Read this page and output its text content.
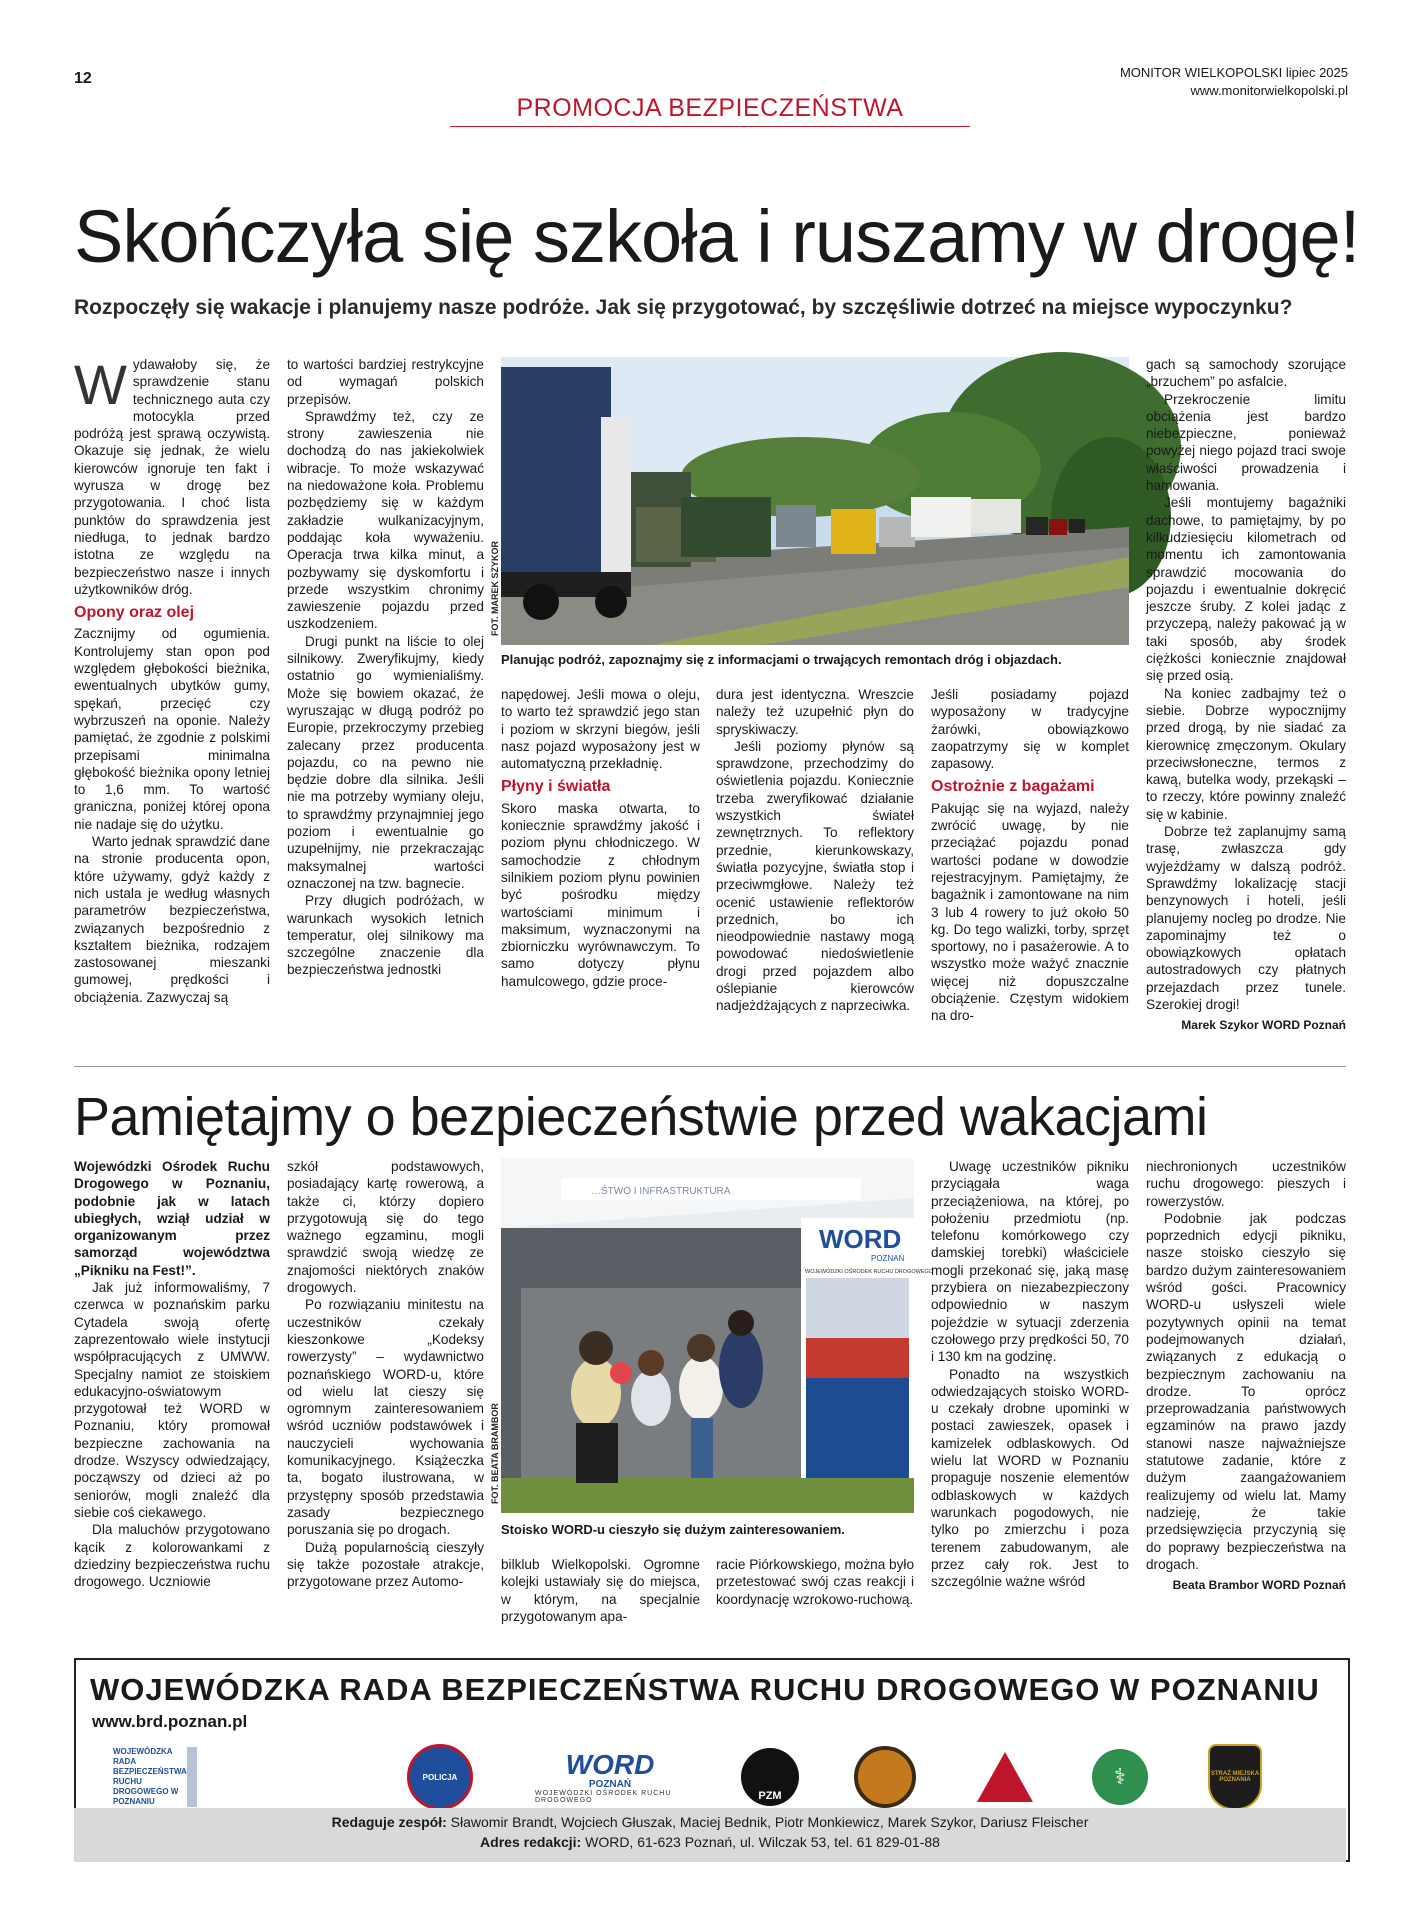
12	MONITOR WIELKOPOLSKI lipiec 2025
www.monitorwielkopolski.pl
PROMOCJA BEZPIECZEŃSTWA
Skończyła się szkoła i ruszamy w drogę!
Rozpoczęły się wakacje i planujemy nasze podróże. Jak się przygotować, by szczęśliwie dotrzeć na miejsce wypoczynku?

Wydawałoby się, że sprawdzenie stanu technicznego auta czy motocykla przed podróżą jest sprawą oczywistą. Okazuje się jednak, że wielu kierowców ignoruje ten fakt i wyrusza w drogę bez przygotowania. I choć lista punktów do sprawdzenia jest niedługa, to jednak bardzo istotna ze względu na bezpieczeństwo nasze i innych użytkowników dróg.

Opony oraz olej

Zacznijmy od ogumienia. Kontrolujemy stan opon pod względem głębokości bieżnika, ewentualnych ubytków gumy, spękań, przecięć czy wybrzuszeń na oponie. Należy pamiętać, że zgodnie z polskimi przepisami minimalna głębokość bieżnika opony letniej to 1,6 mm. To wartość graniczna, poniżej której opona nie nadaje się do użytku.

Warto jednak sprawdzić dane na stronie producenta opon, które używamy, gdyż każdy z nich ustala je według własnych parametrów bezpieczeństwa, związanych bezpośrednio z kształtem bieżnika, rodzajem zastosowanej mieszanki gumowej, prędkości i obciążenia. Zazwyczaj są

to wartości bardziej restrykcyjne od wymagań polskich przepisów.

Sprawdźmy też, czy ze strony zawieszenia nie dochodzą do nas jakiekolwiek wibracje. To może wskazywać na niedoważone koła. Problemu pozbędziemy się w każdym zakładzie wulkanizacyjnym, poddając koła wyważeniu. Operacja trwa kilka minut, a pozbywamy się dyskomfortu i przede wszystkim chronimy zawieszenie pojazdu przed uszkodzeniem.

Drugi punkt na liście to olej silnikowy. Zweryfikujmy, kiedy ostatnio go wymienialiśmy. Może się bowiem okazać, że wyruszając w długą podróż po Europie, przekroczymy przebieg zalecany przez producenta pojazdu, co na pewno nie będzie dobre dla silnika. Jeśli nie ma potrzeby wymiany oleju, to sprawdźmy przynajmniej jego poziom i ewentualnie go uzupełnijmy, nie przekraczając maksymalnej wartości oznaczonej na tzw. bagnecie.

Przy długich podróżach, w warunkach wysokich letnich temperatur, olej silnikowy ma szczególne znaczenie dla bezpieczeństwa jednostki

FOT. MAREK SZYKOR
Planując podróż, zapoznajmy się z informacjami o trwających remontach dróg i objazdach.

napędowej. Jeśli mowa o oleju, to warto też sprawdzić jego stan i poziom w skrzyni biegów, jeśli nasz pojazd wyposażony jest w automatyczną przekładnię.

Płyny i światła

Skoro maska otwarta, to koniecznie sprawdźmy jakość i poziom płynu chłodniczego. W samochodzie z chłodnym silnikiem poziom płynu powinien być pośrodku między wartościami minimum i maksimum, wyznaczonymi na zbiorniczku wyrównawczym. To samo dotyczy płynu hamulcowego, gdzie proce-

dura jest identyczna. Wreszcie należy też uzupełnić płyn do spryskiwaczy.

Jeśli poziomy płynów są sprawdzone, przechodzimy do oświetlenia pojazdu. Koniecznie trzeba zweryfikować działanie wszystkich świateł zewnętrznych. To reflektory przednie, kierunkowskazy, światła pozycyjne, światła stop i przeciwmgłowe. Należy też ocenić ustawienie reflektorów przednich, bo ich nieodpowiednie nastawy mogą powodować niedoświetlenie drogi przed pojazdem albo oślepianie kierowców nadjeżdżających z naprzeciwka.

Jeśli posiadamy pojazd wyposażony w tradycyjne żarówki, obowiązkowo zaopatrzymy się w komplet zapasowy.

Ostrożnie z bagażami

Pakując się na wyjazd, należy zwrócić uwagę, by nie przeciążać pojazdu ponad wartości podane w dowodzie rejestracyjnym. Pamiętajmy, że bagażnik i zamontowane na nim 3 lub 4 rowery to już około 50 kg. Do tego walizki, torby, sprzęt sportowy, no i pasażerowie. A to wszystko może ważyć znacznie więcej niż dopuszczalne obciążenie. Częstym widokiem na dro-

gach są samochody szorujące „brzuchem” po asfalcie.

Przekroczenie limitu obciążenia jest bardzo niebezpieczne, ponieważ powyżej niego pojazd traci swoje właściwości prowadzenia i hamowania.

Jeśli montujemy bagażniki dachowe, to pamiętajmy, by po kilkudziesięciu kilometrach od momentu ich zamontowania sprawdzić mocowania do pojazdu i ewentualnie dokręcić jeszcze śruby. Z kolei jadąc z przyczepą, należy pakować ją w taki sposób, aby środek ciężkości koniecznie znajdował się przed osią.

Na koniec zadbajmy też o siebie. Dobrze wypocznijmy przed drogą, by nie siadać za kierownicę zmęczonym. Okulary przeciwsłoneczne, termos z kawą, butelka wody, przekąski – to rzeczy, które powinny znaleźć się w kabinie.

Dobrze też zaplanujmy samą trasę, zwłaszcza gdy wyjeżdżamy w dalszą podróż. Sprawdźmy lokalizację stacji benzynowych i hoteli, jeśli planujemy nocleg po drodze. Nie zapominajmy też o obowiązkowych opłatach autostradowych czy płatnych przejazdach przez tunele. Szerokiej drogi!

Marek Szykor WORD Poznań
Pamiętajmy o bezpieczeństwie przed wakacjami

Wojewódzki Ośrodek Ruchu Drogowego w Poznaniu, podobnie jak w latach ubiegłych, wziął udział w organizowanym przez samorząd województwa „Pikniku na Fest!”.

Jak już informowaliśmy, 7 czerwca w poznańskim parku Cytadela swoją ofertę zaprezentowało wiele instytucji współpracujących z UMWW. Specjalny namiot ze stoiskiem edukacyjno-oświatowym przygotował też WORD w Poznaniu, który promował bezpieczne zachowania na drodze. Wszyscy odwiedzający, począwszy od dzieci aż po seniorów, mogli znaleźć dla siebie coś ciekawego.

Dla maluchów przygotowano kącik z kolorowankami z dziedziny bezpieczeństwa ruchu drogowego. Uczniowie

szkół podstawowych, posiadający kartę rowerową, a także ci, którzy dopiero przygotowują się do tego ważnego egzaminu, mogli sprawdzić swoją wiedzę ze znajomości niektórych znaków drogowych.

Po rozwiązaniu minitestu na uczestników czekały kieszonkowe „Kodeksy rowerzysty” – wydawnictwo poznańskiego WORD-u, które od wielu lat cieszy się ogromnym zainteresowaniem wśród uczniów podstawówek i nauczycieli wychowania komunikacyjnego. Książeczka ta, bogato ilustrowana, w przystępny sposób przedstawia zasady bezpiecznego poruszania się po drogach.

Dużą popularnością cieszyły się także pozostałe atrakcje, przygotowane przez Automo-

…ŚTWO I INFRASTRUKTURA
WORD
POZNAŃ
WOJEWÓDZKI OŚRODEK RUCHU DROGOWEGO
FOT. BEATA BRAMBOR
Stoisko WORD-u cieszyło się dużym zainteresowaniem.

bilklub Wielkopolski. Ogromne kolejki ustawiały się do miejsca, w którym, na specjalnie przygotowanym apa-

racie Piórkowskiego, można było przetestować swój czas reakcji i koordynację wzrokowo-ruchową.

Uwagę uczestników pikniku przyciągała waga przeciążeniowa, na której, po położeniu przedmiotu (np. telefonu komórkowego czy damskiej torebki) właściciele mogli przekonać się, jaką masę przybiera on niezabezpieczony odpowiednio w naszym pojeździe w sytuacji zderzenia czołowego przy prędkości 50, 70 i 130 km na godzinę.

Ponadto na wszystkich odwiedzających stoisko WORD-u czekały drobne upominki w postaci zawieszek, opasek i kamizelek odblaskowych. Od wielu lat WORD w Poznaniu propaguje noszenie elementów odblaskowych w każdych warunkach pogodowych, nie tylko po zmierzchu i poza terenem zabudowanym, ale przez cały rok. Jest to szczególnie ważne wśród

niechronionych uczestników ruchu drogowego: pieszych i rowerzystów.

Podobnie jak podczas poprzednich edycji pikniku, nasze stoisko cieszyło się bardzo dużym zainteresowaniem wśród gości. Pracownicy WORD-u usłyszeli wiele pozytywnych opinii na temat podejmowanych działań, związanych z edukacją o bezpiecznym zachowaniu na drodze. To oprócz przeprowadzania państwowych egzaminów na prawo jazdy stanowi nasze najważniejsze statutowe zadanie, które z dużym zaangażowaniem realizujemy od wielu lat. Mamy nadzieję, że takie przedsięwzięcia przyczynią się do poprawy bezpieczeństwa na drogach.

Beata Brambor WORD Poznań
WOJEWÓDZKA RADA BEZPIECZEŃSTWA RUCHU DROGOWEGO W POZNANIU
www.brd.poznan.pl
WOJEWÓDZKA RADA BEZPIECZEŃSTWA RUCHU DROGOWEGO W POZNANIU
POLICJA	WORD
POZNAŃ
WOJEWÓDZKI OŚRODEK RUCHU DROGOWEGO	PZM
⚕	STRAŻ MIEJSKA POZNANIA
Redaguje zespół: Sławomir Brandt, Wojciech Głuszak, Maciej Bednik, Piotr Monkiewicz, Marek Szykor, Dariusz Fleischer
Adres redakcji: WORD, 61-623 Poznań, ul. Wilczak 53, tel. 61 829-01-88
